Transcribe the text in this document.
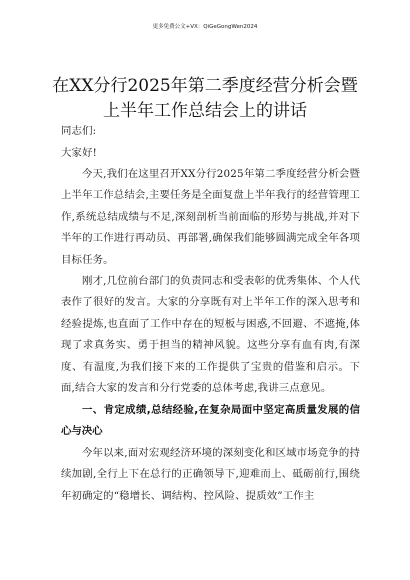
更多免费公文+VX：QiGeGongWen2024
在XX分行2025年第二季度经营分析会暨上半年工作总结会上的讲话
同志们:
大家好!
今天,我们在这里召开XX分行2025年第二季度经营分析会暨上半年工作总结会,主要任务是全面复盘上半年我行的经营管理工作,系统总结成绩与不足,深刻剖析当前面临的形势与挑战,并对下半年的工作进行再动员、再部署,确保我们能够圆满完成全年各项目标任务。
刚才,几位前台部门的负责同志和受表彰的优秀集体、个人代表作了很好的发言。大家的分享既有对上半年工作的深入思考和经验提炼,也直面了工作中存在的短板与困惑,不回避、不遮掩,体现了求真务实、勇于担当的精神风貌。这些分享有血有肉,有深度、有温度,为我们接下来的工作提供了宝贵的借鉴和启示。下面,结合大家的发言和分行党委的总体考虑,我讲三点意见。
一、肯定成绩,总结经验,在复杂局面中坚定高质量发展的信心与决心
今年以来,面对宏观经济环境的深刻变化和区域市场竞争的持续加剧,全行上下在总行的正确领导下,迎难而上、砥砺前行,围绕年初确定的“稳增长、调结构、控风险、提质效”工作主
